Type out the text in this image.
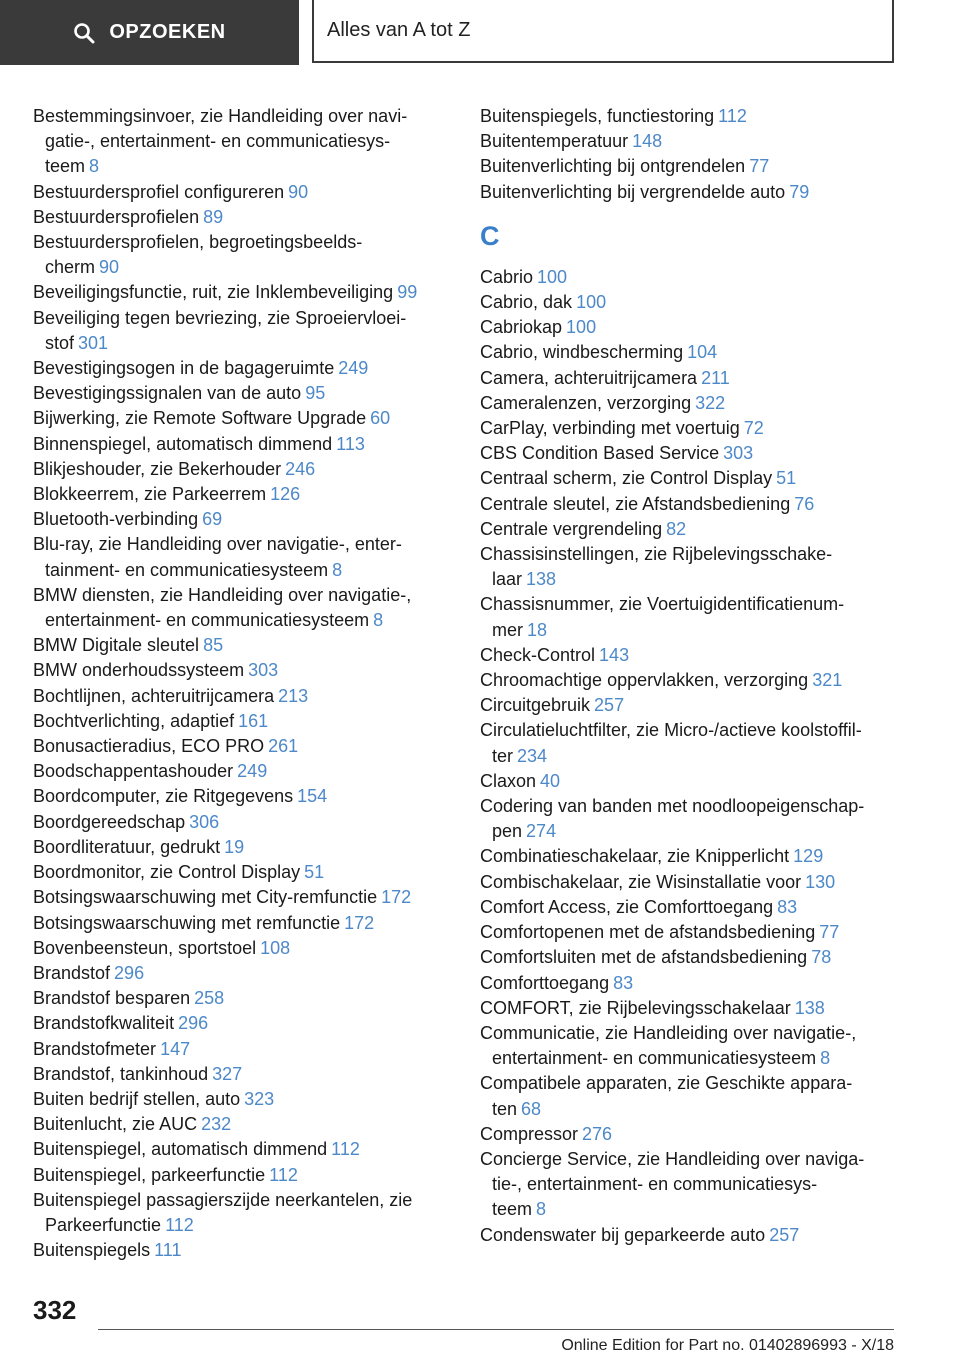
OPZOEKEN	Alles van A tot Z

Bestemmingsinvoer, zie Handleiding over navi-
gatie-, entertainment- en communicatiesys-
teem 8

Bestuurdersprofiel configureren 90

Bestuurdersprofielen 89

Bestuurdersprofielen, begroetingsbeelds-
cherm 90

Beveiligingsfunctie, ruit, zie Inklembeveiliging 99

Beveiliging tegen bevriezing, zie Sproeiervloei-
stof 301

Bevestigingsogen in de bagageruimte 249

Bevestigingssignalen van de auto 95

Bijwerking, zie Remote Software Upgrade 60

Binnenspiegel, automatisch dimmend 113

Blikjeshouder, zie Bekerhouder 246

Blokkeerrem, zie Parkeerrem 126

Bluetooth-verbinding 69

Blu-ray, zie Handleiding over navigatie-, enter-
tainment- en communicatiesysteem 8

BMW diensten, zie Handleiding over navigatie-,
entertainment- en communicatiesysteem 8

BMW Digitale sleutel 85

BMW onderhoudssysteem 303

Bochtlijnen, achteruitrijcamera 213

Bochtverlichting, adaptief 161

Bonusactieradius, ECO PRO 261

Boodschappentashouder 249

Boordcomputer, zie Ritgegevens 154

Boordgereedschap 306

Boordliteratuur, gedrukt 19

Boordmonitor, zie Control Display 51

Botsingswaarschuwing met City-remfunctie 172

Botsingswaarschuwing met remfunctie 172

Bovenbeensteun, sportstoel 108

Brandstof 296

Brandstof besparen 258

Brandstofkwaliteit 296

Brandstofmeter 147

Brandstof, tankinhoud 327

Buiten bedrijf stellen, auto 323

Buitenlucht, zie AUC 232

Buitenspiegel, automatisch dimmend 112

Buitenspiegel, parkeerfunctie 112

Buitenspiegel passagierszijde neerkantelen, zie
Parkeerfunctie 112

Buitenspiegels 111

Buitenspiegels, functiestoring 112

Buitentemperatuur 148

Buitenverlichting bij ontgrendelen 77

Buitenverlichting bij vergrendelde auto 79

C

Cabrio 100

Cabrio, dak 100

Cabriokap 100

Cabrio, windbescherming 104

Camera, achteruitrijcamera 211

Cameralenzen, verzorging 322

CarPlay, verbinding met voertuig 72

CBS Condition Based Service 303

Centraal scherm, zie Control Display 51

Centrale sleutel, zie Afstandsbediening 76

Centrale vergrendeling 82

Chassisinstellingen, zie Rijbelevingsschake-
laar 138

Chassisnummer, zie Voertuigidentificatienum-
mer 18

Check-Control 143

Chroomachtige oppervlakken, verzorging 321

Circuitgebruik 257

Circulatieluchtfilter, zie Micro-/actieve koolstoffil-
ter 234

Claxon 40

Codering van banden met noodloopeigenschap-
pen 274

Combinatieschakelaar, zie Knipperlicht 129

Combischakelaar, zie Wisinstallatie voor 130

Comfort Access, zie Comforttoegang 83

Comfortopenen met de afstandsbediening 77

Comfortsluiten met de afstandsbediening 78

Comforttoegang 83

COMFORT, zie Rijbelevingsschakelaar 138

Communicatie, zie Handleiding over navigatie-,
entertainment- en communicatiesysteem 8

Compatibele apparaten, zie Geschikte appara-
ten 68

Compressor 276

Concierge Service, zie Handleiding over naviga-
tie-, entertainment- en communicatiesys-
teem 8

Condenswater bij geparkeerde auto 257

332
Online Edition for Part no. 01402896993 - X/18
